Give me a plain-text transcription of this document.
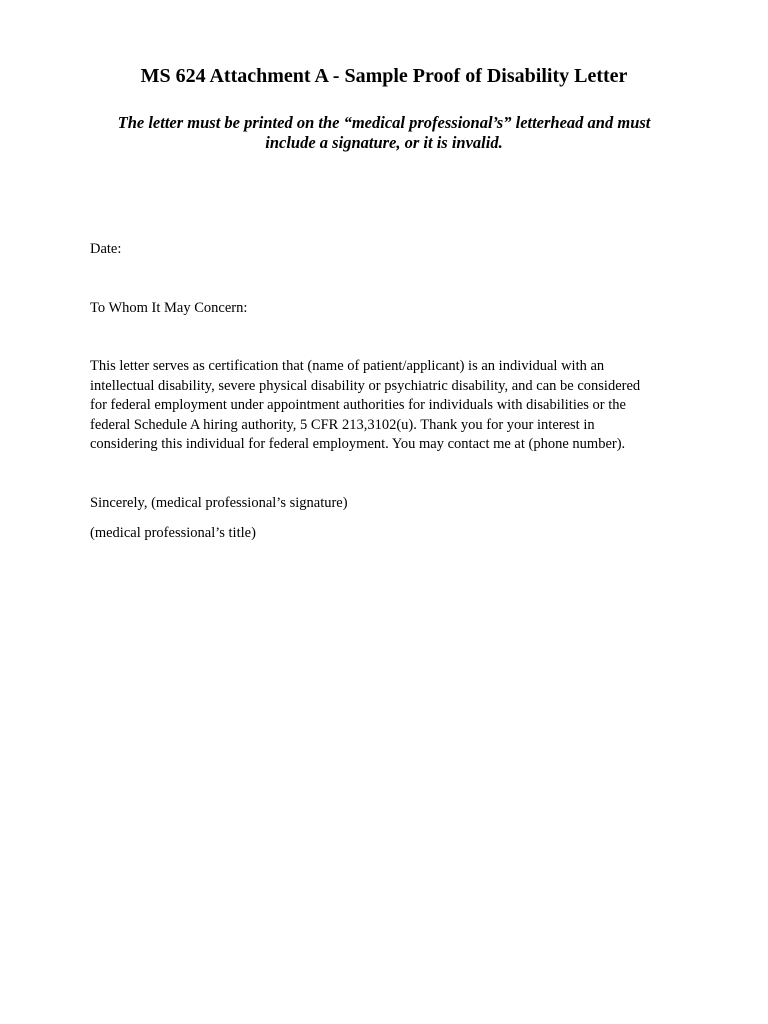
MS 624 Attachment A - Sample Proof of Disability Letter
The letter must be printed on the “medical professional’s” letterhead and must
include a signature, or it is invalid.

Date:

To Whom It May Concern:

This letter serves as certification that (name of patient/applicant) is an individual with an
intellectual disability, severe physical disability or psychiatric disability, and can be considered
for federal employment under appointment authorities for individuals with disabilities or the
federal Schedule A hiring authority, 5 CFR 213,3102(u). Thank you for your interest in
considering this individual for federal employment. You may contact me at (phone number).

Sincerely, (medical professional’s signature)

(medical professional’s title)
